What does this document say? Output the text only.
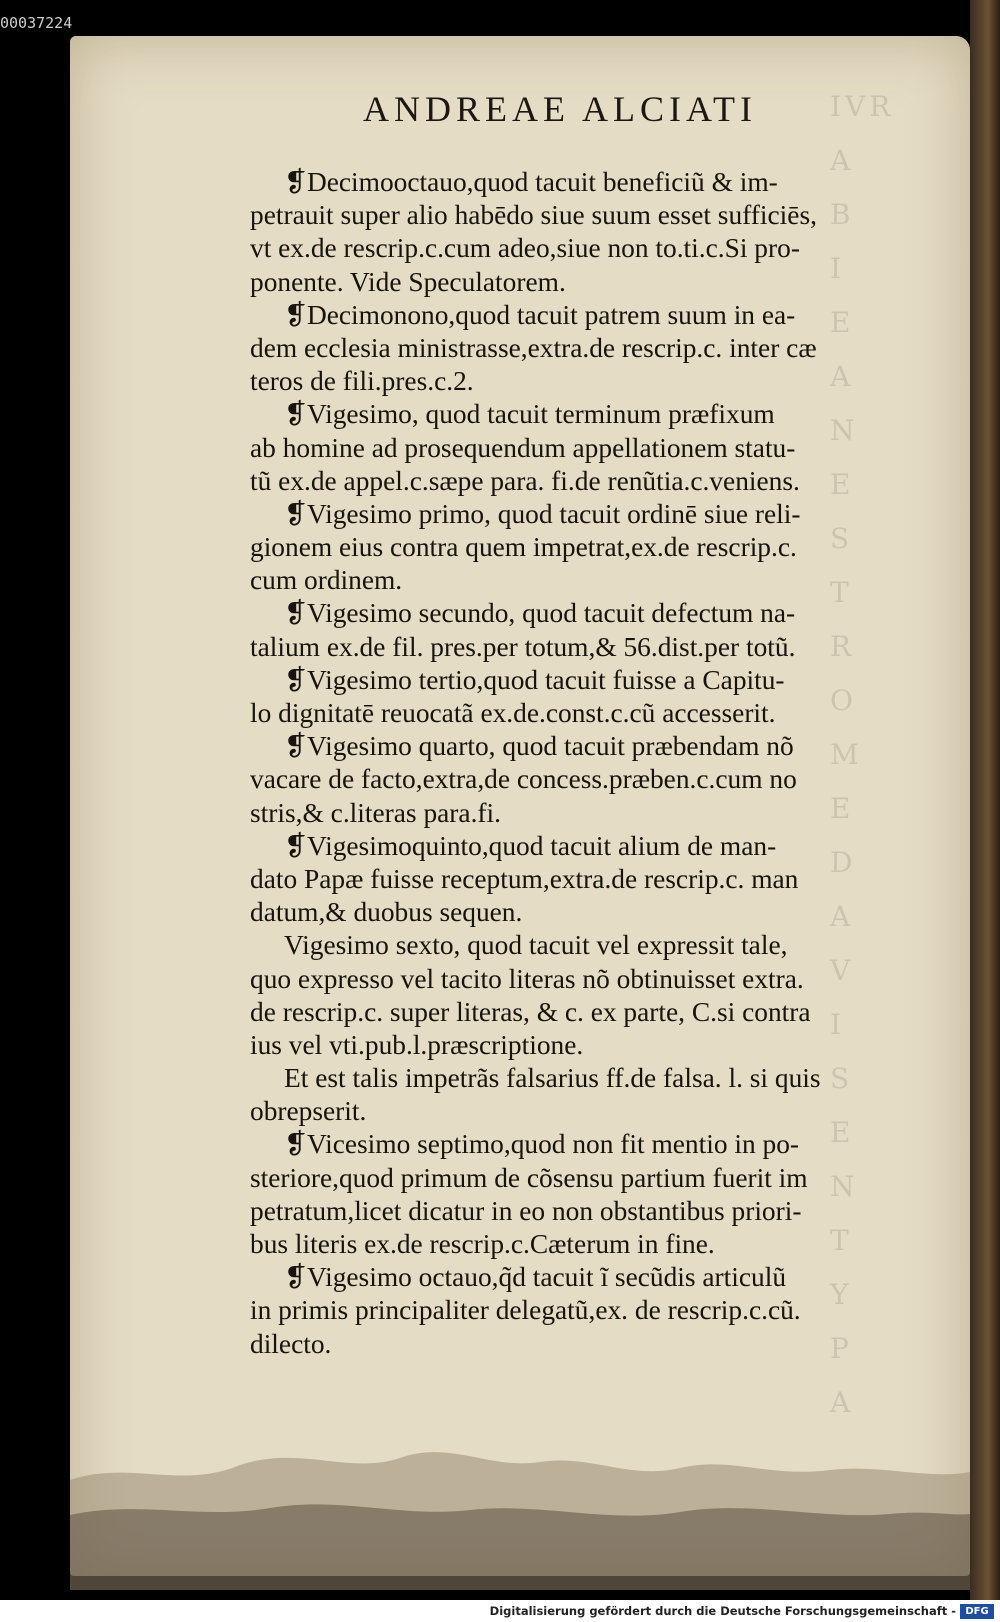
00037224
IVR
A
B
I
E
A
N
E
S
T
R
O
M
E
D
A
V
I
S
E
N
T
Y
P
A
ANDREAE ALCIATI
❡Decimooctauo,quod tacuit beneficiũ & im-
petrauit super alio habēdo siue suum esset sufficiēs,
vt ex.de rescrip.c.cum adeo,siue non to.ti.c.Si pro-
ponente. Vide Speculatorem.
❡Decimonono,quod tacuit patrem suum in ea-
dem ecclesia ministrasse,extra.de rescrip.c. inter cæ
teros de fili.pres.c.2.
❡Vigesimo, quod tacuit terminum præfixum
ab homine ad prosequendum appellationem statu-
tũ ex.de appel.c.sæpe para. fi.de renũtia.c.veniens.
❡Vigesimo primo, quod tacuit ordinē siue reli-
gionem eius contra quem impetrat,ex.de rescrip.c.
cum ordinem.
❡Vigesimo secundo, quod tacuit defectum na-
talium ex.de fil. pres.per totum,& 56.dist.per totũ.
❡Vigesimo tertio,quod tacuit fuisse a Capitu-
lo dignitatē reuocatã ex.de.const.c.cũ accesserit.
❡Vigesimo quarto, quod tacuit præbendam nõ
vacare de facto,extra,de concess.præben.c.cum no
stris,& c.literas para.fi.
❡Vigesimoquinto,quod tacuit alium de man-
dato Papæ fuisse receptum,extra.de rescrip.c. man
datum,& duobus sequen.
Vigesimo sexto, quod tacuit vel expressit tale,
quo expresso vel tacito literas nõ obtinuisset extra.
de rescrip.c. super literas, & c. ex parte, C.si contra
ius vel vti.pub.l.præscriptione.
Et est talis impetrãs falsarius ff.de falsa. l. si quis
obrepserit.
❡Vicesimo septimo,quod non fit mentio in po-
steriore,quod primum de cõsensu partium fuerit im
petratum,licet dicatur in eo non obstantibus priori-
bus literis ex.de rescrip.c.Cæterum in fine.
❡Vigesimo octauo,q̃d tacuit ĩ secũdis articulũ
in primis principaliter delegatũ,ex. de rescrip.c.cũ.
dilecto.
Digitalisierung gefördert durch die Deutsche Forschungsgemeinschaft - DFG
